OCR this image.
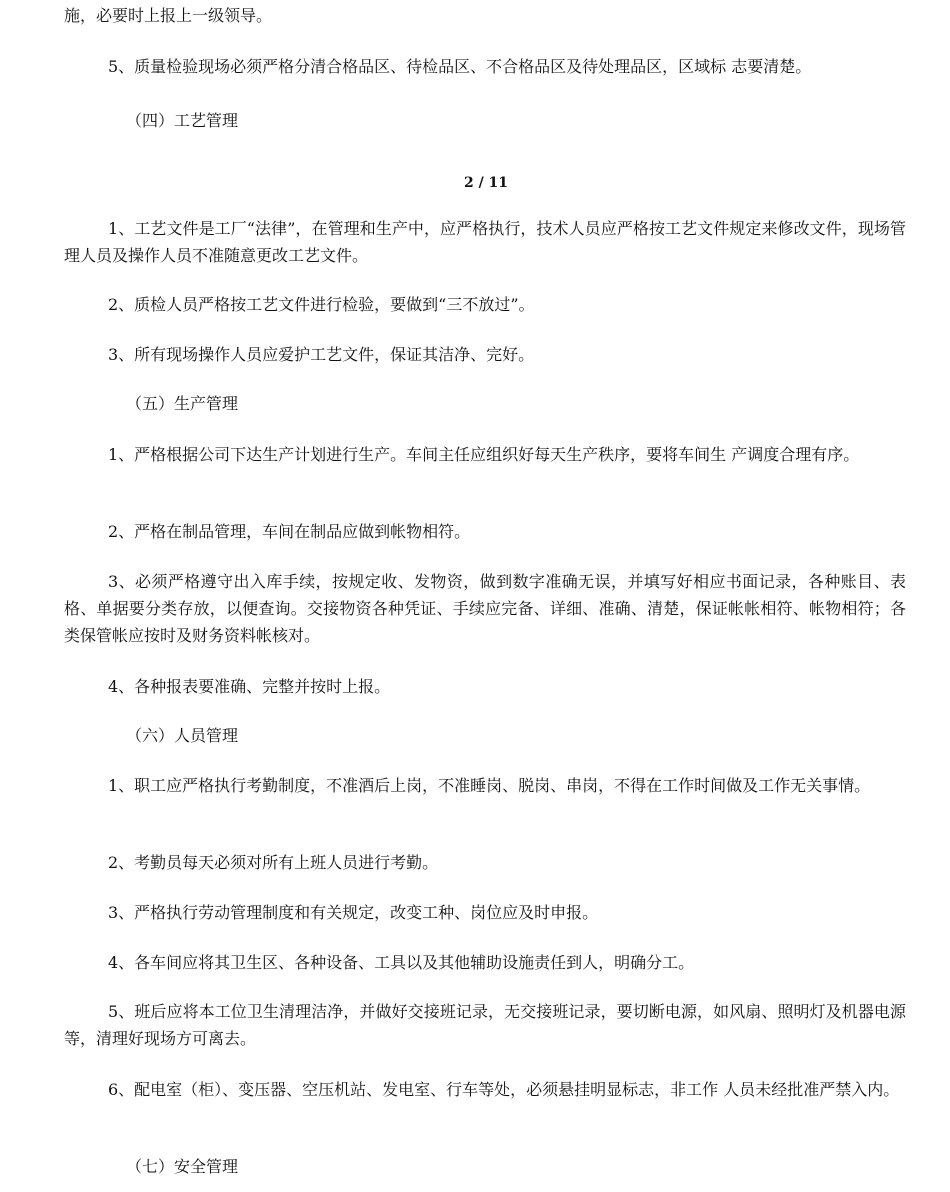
施，必要时上报上一级领导。
5、质量检验现场必须严格分清合格品区、待检品区、不合格品区及待处理品区，区域标 志要清楚。
（四）工艺管理
2 / 11
1、工艺文件是工厂“法律”，在管理和生产中，应严格执行，技术人员应严格按工艺文件规定来修改文件，现场管理人员及操作人员不准随意更改工艺文件。
2、质检人员严格按工艺文件进行检验，要做到“三不放过”。
3、所有现场操作人员应爱护工艺文件，保证其洁净、完好。
（五）生产管理
1、严格根据公司下达生产计划进行生产。车间主任应组织好每天生产秩序，要将车间生 产调度合理有序。
2、严格在制品管理，车间在制品应做到帐物相符。
3、必须严格遵守出入库手续，按规定收、发物资，做到数字准确无误，并填写好相应书面记录，各种账目、表格、单据要分类存放，以便查询。交接物资各种凭证、手续应完备、详细、准确、清楚，保证帐帐相符、帐物相符；各类保管帐应按时及财务资料帐核对。
4、各种报表要准确、完整并按时上报。
（六）人员管理
1、职工应严格执行考勤制度，不准酒后上岗，不准睡岗、脱岗、串岗，不得在工作时间做及工作无关事情。
2、考勤员每天必须对所有上班人员进行考勤。
3、严格执行劳动管理制度和有关规定，改变工种、岗位应及时申报。
4、各车间应将其卫生区、各种设备、工具以及其他辅助设施责任到人，明确分工。
5、班后应将本工位卫生清理洁净，并做好交接班记录，无交接班记录，要切断电源，如风扇、照明灯及机器电源等，清理好现场方可离去。
6、配电室（柜）、变压器、空压机站、发电室、行车等处，必须悬挂明显标志，非工作 人员未经批准严禁入内。
（七）安全管理
